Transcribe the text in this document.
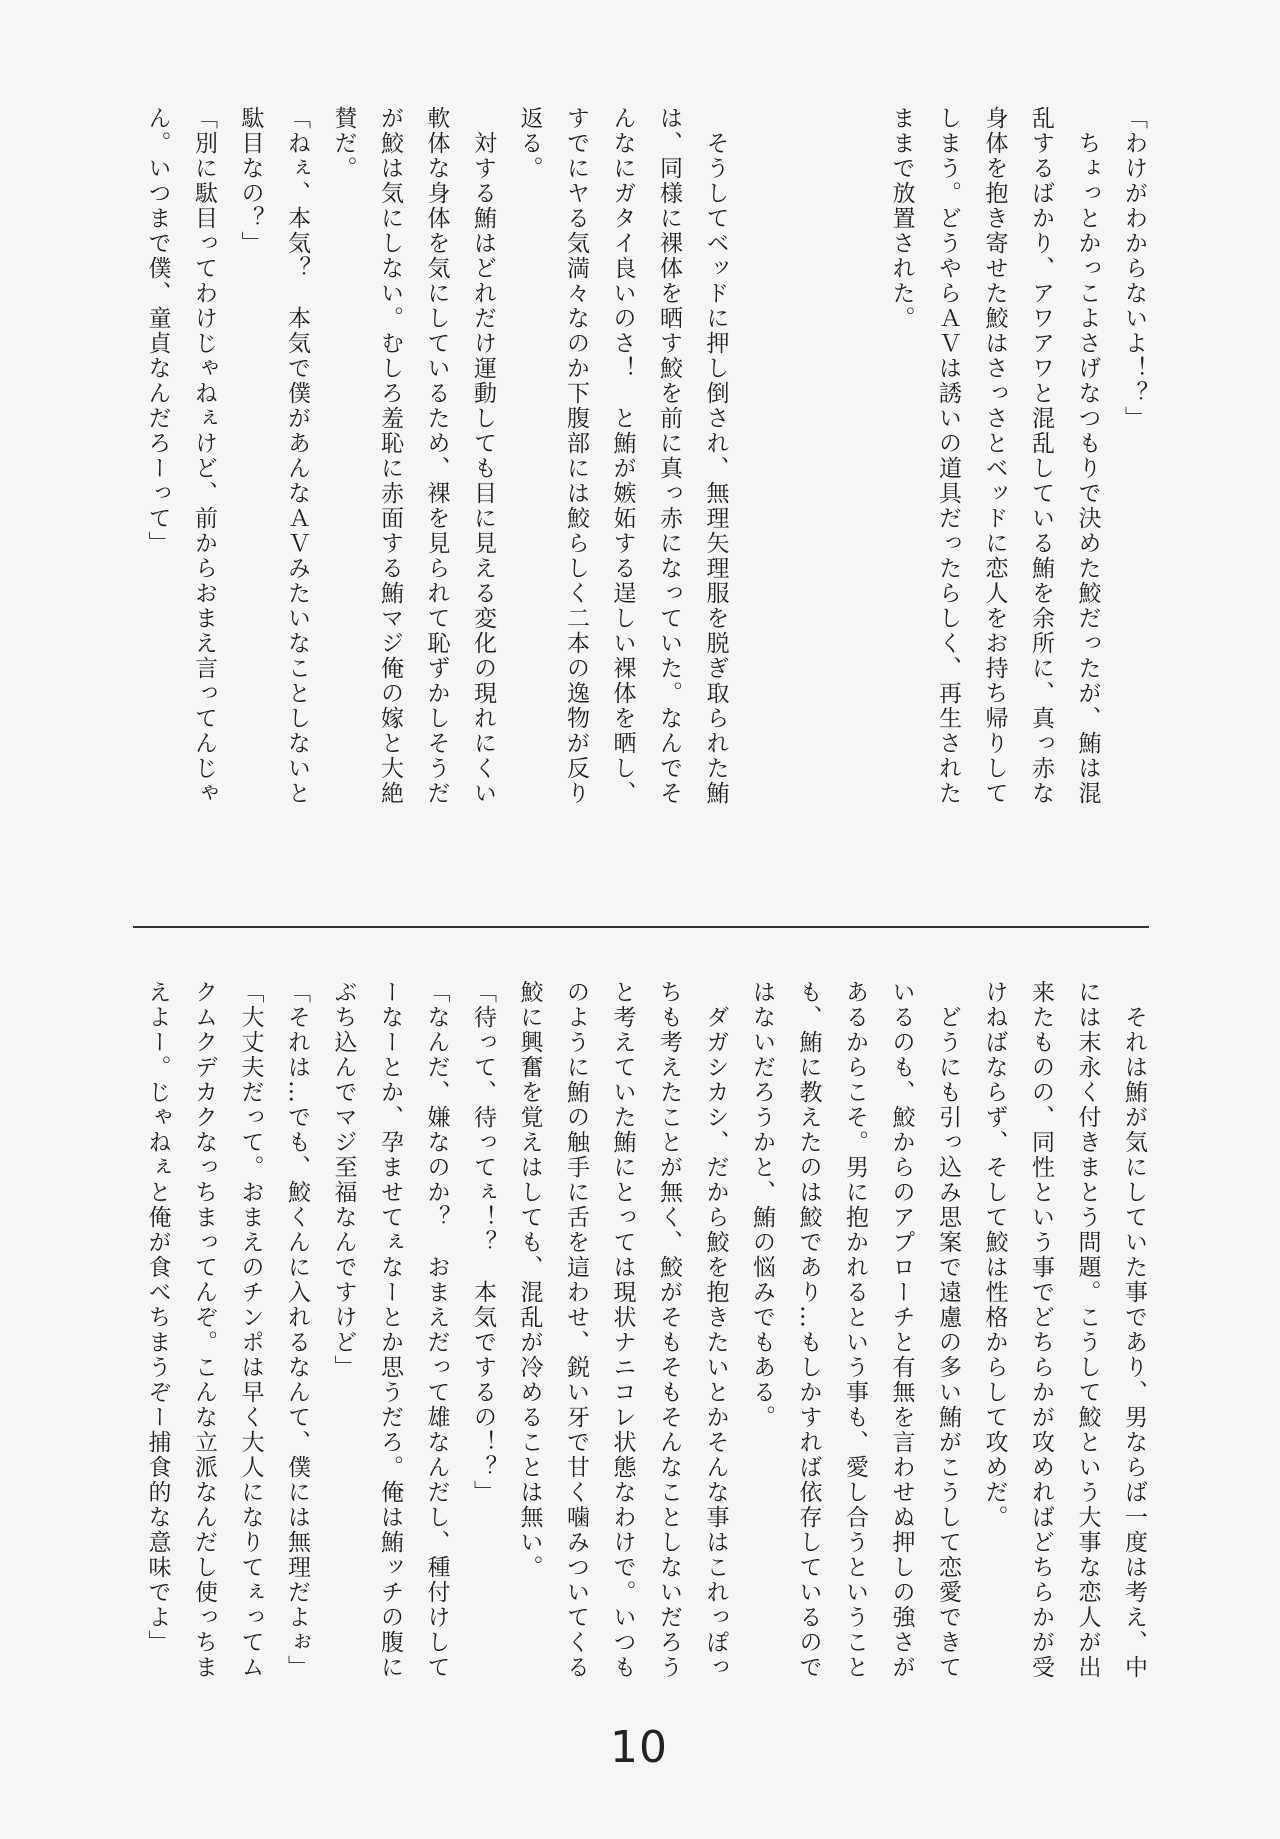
「わけがわからないよ！？」
　ちょっとかっこよさげなつもりで決めた鮫だったが、鮪は混
乱するばかり、アワアワと混乱している鮪を余所に、真っ赤な
身体を抱き寄せた鮫はさっさとベッドに恋人をお持ち帰りして
しまう。どうやらＡＶは誘いの道具だったらしく、再生された
ままで放置された。

　そうしてベッドに押し倒され、無理矢理服を脱ぎ取られた鮪
は、同様に裸体を晒す鮫を前に真っ赤になっていた。なんでそ
んなにガタイ良いのさ！　と鮪が嫉妬する逞しい裸体を晒し、
すでにヤる気満々なのか下腹部には鮫らしく二本の逸物が反り
返る。
　対する鮪はどれだけ運動しても目に見える変化の現れにくい
軟体な身体を気にしているため、裸を見られて恥ずかしそうだ
が鮫は気にしない。むしろ羞恥に赤面する鮪マジ俺の嫁と大絶
賛だ。
「ねぇ、本気？　本気で僕があんなＡＶみたいなことしないと
駄目なの？」
「別に駄目ってわけじゃねぇけど、前からおまえ言ってんじゃ
ん。いつまで僕、童貞なんだろーって」
　それは鮪が気にしていた事であり、男ならば一度は考え、中
には末永く付きまとう問題。こうして鮫という大事な恋人が出
来たものの、同性という事でどちらかが攻めればどちらかが受
けねばならず、そして鮫は性格からして攻めだ。
　どうにも引っ込み思案で遠慮の多い鮪がこうして恋愛できて
いるのも、鮫からのアプローチと有無を言わせぬ押しの強さが
あるからこそ。男に抱かれるという事も、愛し合うということ
も、鮪に教えたのは鮫であり…もしかすれば依存しているので
はないだろうかと、鮪の悩みでもある。
　ダガシカシ、だから鮫を抱きたいとかそんな事はこれっぽっ
ちも考えたことが無く、鮫がそもそもそんなことしないだろう
と考えていた鮪にとっては現状ナニコレ状態なわけで。いつも
のように鮪の触手に舌を這わせ、鋭い牙で甘く噛みついてくる
鮫に興奮を覚えはしても、混乱が冷めることは無い。
「待って、待ってぇ！？　本気でするの！？」
「なんだ、嫌なのか？　おまえだって雄なんだし、種付けして
ーなーとか、孕ませてぇなーとか思うだろ。俺は鮪ッチの腹に
ぶち込んでマジ至福なんですけど」
「それは…でも、鮫くんに入れるなんて、僕には無理だよぉ」
「大丈夫だって。おまえのチンポは早く大人になりてぇってム
クムクデカクなっちまってんぞ。こんな立派なんだし使っちま
えよー。じゃねぇと俺が食べちまうぞー捕食的な意味でよ」
10
